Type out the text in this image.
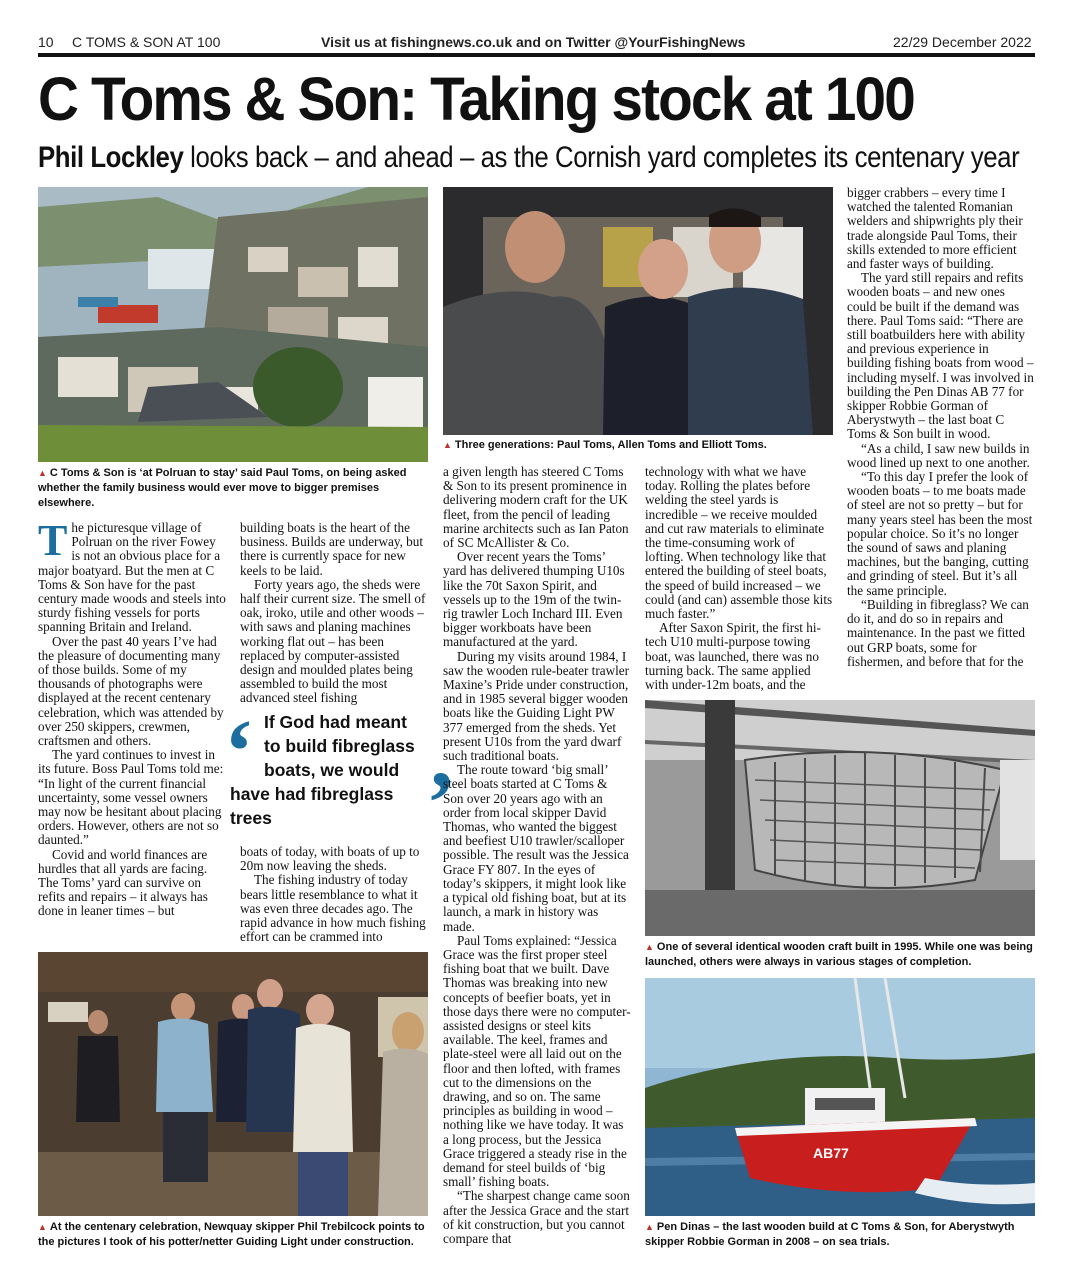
10 C TOMS & SON AT 100	Visit us at fishingnews.co.uk and on Twitter @YourFishingNews	22/29 December 2022
C Toms & Son: Taking stock at 100
Phil Lockley looks back – and ahead – as the Cornish yard completes its centenary year
▲ C Toms & Son is ‘at Polruan to stay’ said Paul Toms, on being asked whether the family business would ever move to bigger premises elsewhere.
▲ Three generations: Paul Toms, Allen Toms and Elliott Toms.

The picturesque village of Polruan on the river Fowey is not an obvious place for a major boatyard. But the men at C Toms & Son have for the past century made woods and steels into sturdy fishing vessels for ports spanning Britain and Ireland.

Over the past 40 years I’ve had the pleasure of documenting many of those builds. Some of my thousands of photographs were displayed at the recent centenary celebration, which was attended by over 250 skippers, crewmen, craftsmen and others.

The yard continues to invest in its future. Boss Paul Toms told me: “In light of the current financial uncertainty, some vessel owners may now be hesitant about placing orders. However, others are not so daunted.”

Covid and world finances are hurdles that all yards are facing. The Toms’ yard can survive on refits and repairs – it always has done in leaner times – but

building boats is the heart of the business. Builds are underway, but there is currently space for new keels to be laid.

Forty years ago, the sheds were half their current size. The smell of oak, iroko, utile and other woods – with saws and planing machines working flat out – has been replaced by computer-assisted design and moulded plates being assembled to build the most advanced steel fishing

‘
’
If God had meant
to build fibreglass
boats, we would
have had fibreglass
trees

boats of today, with boats of up to 20m now leaving the sheds.

The fishing industry of today bears little resemblance to what it was even three decades ago. The rapid advance in how much fishing effort can be crammed into

a given length has steered C Toms & Son to its present prominence in delivering modern craft for the UK fleet, from the pencil of leading marine architects such as Ian Paton of SC McAllister & Co.

Over recent years the Toms’ yard has delivered thumping U10s like the 70t Saxon Spirit, and vessels up to the 19m of the twin-rig trawler Loch Inchard III. Even bigger workboats have been manufactured at the yard.

During my visits around 1984, I saw the wooden rule-beater trawler Maxine’s Pride under construction, and in 1985 several bigger wooden boats like the Guiding Light PW 377 emerged from the sheds. Yet present U10s from the yard dwarf such traditional boats.

The route toward ‘big small’ steel boats started at C Toms & Son over 20 years ago with an order from local skipper David Thomas, who wanted the biggest and beefiest U10 trawler/scalloper possible. The result was the Jessica Grace FY 807. In the eyes of today’s skippers, it might look like a typical old fishing boat, but at its launch, a mark in history was made.

Paul Toms explained: “Jessica Grace was the first proper steel fishing boat that we built. Dave Thomas was breaking into new concepts of beefier boats, yet in those days there were no computer-assisted designs or steel kits available. The keel, frames and plate-steel were all laid out on the floor and then lofted, with frames cut to the dimensions on the drawing, and so on. The same principles as building in wood – nothing like we have today. It was a long process, but the Jessica Grace triggered a steady rise in the demand for steel builds of ‘big small’ fishing boats.

“The sharpest change came soon after the Jessica Grace and the start of kit construction, but you cannot compare that

technology with what we have today. Rolling the plates before welding the steel yards is incredible – we receive moulded and cut raw materials to eliminate the time-consuming work of lofting. When technology like that entered the building of steel boats, the speed of build increased – we could (and can) assemble those kits much faster.”

After Saxon Spirit, the first hi-tech U10 multi-purpose towing boat, was launched, there was no turning back. The same applied with under-12m boats, and the

bigger crabbers – every time I watched the talented Romanian welders and shipwrights ply their trade alongside Paul Toms, their skills extended to more efficient and faster ways of building.

The yard still repairs and refits wooden boats – and new ones could be built if the demand was there. Paul Toms said: “There are still boatbuilders here with ability and previous experience in building fishing boats from wood – including myself. I was involved in building the Pen Dinas AB 77 for skipper Robbie Gorman of Aberystwyth – the last boat C Toms & Son built in wood.

“As a child, I saw new builds in wood lined up next to one another.

“To this day I prefer the look of wooden boats – to me boats made of steel are not so pretty – but for many years steel has been the most popular choice. So it’s no longer the sound of saws and planing machines, but the banging, cutting and grinding of steel. But it’s all the same principle.

“Building in fibreglass? We can do it, and do so in repairs and maintenance. In the past we fitted out GRP boats, some for fishermen, and before that for the

▲ One of several identical wooden craft built in 1995. While one was being launched, others were always in various stages of completion.
▲ At the centenary celebration, Newquay skipper Phil Trebilcock points to the pictures I took of his potter/netter Guiding Light under construction.
AB77
▲ Pen Dinas – the last wooden build at C Toms & Son, for Aberystwyth skipper Robbie Gorman in 2008 – on sea trials.
